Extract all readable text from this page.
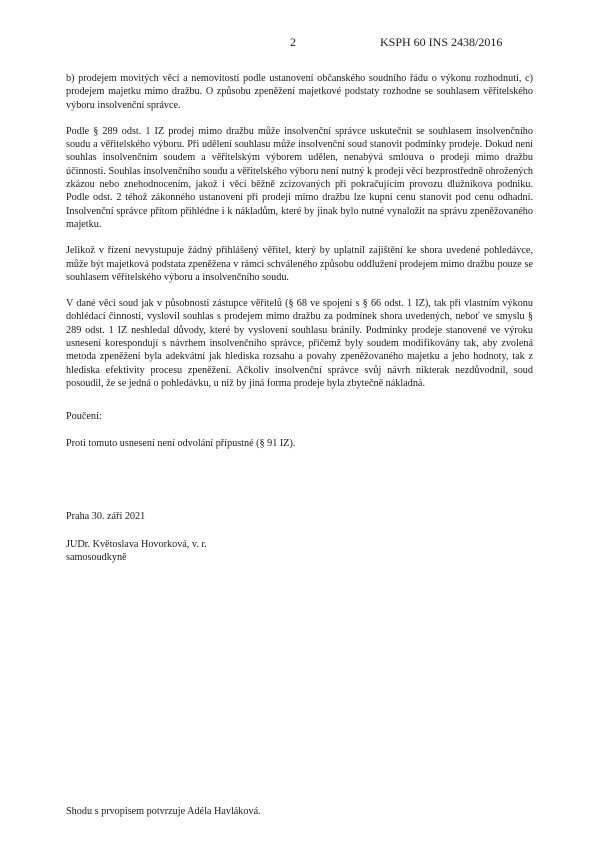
2	KSPH 60 INS 2438/2016

b) prodejem movitých věcí a nemovitostí podle ustanovení občanského soudního řádu o výkonu rozhodnutí, c) prodejem majetku mimo dražbu. O způsobu zpeněžení majetkové podstaty rozhodne se souhlasem věřitelského výboru insolvenční správce.

Podle § 289 odst. 1 IZ prodej mimo dražbu může insolvenční správce uskutečnit se souhlasem insolvenčního soudu a věřitelského výboru. Při udělení souhlasu může insolvenční soud stanovit podmínky prodeje. Dokud není souhlas insolvenčním soudem a věřitelským výborem udělen, nenabývá smlouva o prodeji mimo dražbu účinnosti. Souhlas insolvenčního soudu a věřitelského výboru není nutný k prodeji věcí bezprostředně ohrožených zkázou nebo znehodnocením, jakož i věcí běžně zcizovaných při pokračujícím provozu dlužníkova podniku. Podle odst. 2 téhož zákonného ustanovení při prodeji mimo dražbu lze kupní cenu stanovit pod cenu odhadní. Insolvenční správce přitom přihlédne i k nákladům, které by jinak bylo nutné vynaložit na správu zpeněžovaného majetku.

Jelikož v řízení nevystupuje žádný přihlášený věřitel, který by uplatnil zajištění ke shora uvedené pohledávce, může být majetková podstata zpeněžena v rámci schváleného způsobu oddlužení prodejem mimo dražbu pouze se souhlasem věřitelského výboru a insolvenčního soudu.

V dané věci soud jak v působnosti zástupce věřitelů (§ 68 ve spojení s § 66 odst. 1 IZ), tak při vlastním výkonu dohlédací činnosti, vyslovil souhlas s prodejem mimo dražbu za podmínek shora uvedených, neboť ve smyslu § 289 odst. 1 IZ neshledal důvody, které by vyslovení souhlasu bránily. Podmínky prodeje stanovené ve výroku usnesení korespondují s návrhem insolvenčního správce, přičemž byly soudem modifikovány tak, aby zvolená metoda zpeněžení byla adekvátní jak hlediska rozsahu a povahy zpeněžovaného majetku a jeho hodnoty, tak z hlediska efektivity procesu zpeněžení. Ačkoliv insolvenční správce svůj návrh nikterak nezdůvodnil, soud posoudil, že se jedná o pohledávku, u níž by jiná forma prodeje byla zbytečně nákladná.

Poučení:

Proti tomuto usnesení není odvolání přípustné (§ 91 IZ).

Praha 30. září 2021
JUDr. Květoslava Hovorková, v. r.
samosoudkyně
Shodu s prvopisem potvrzuje Adéla Havláková.
